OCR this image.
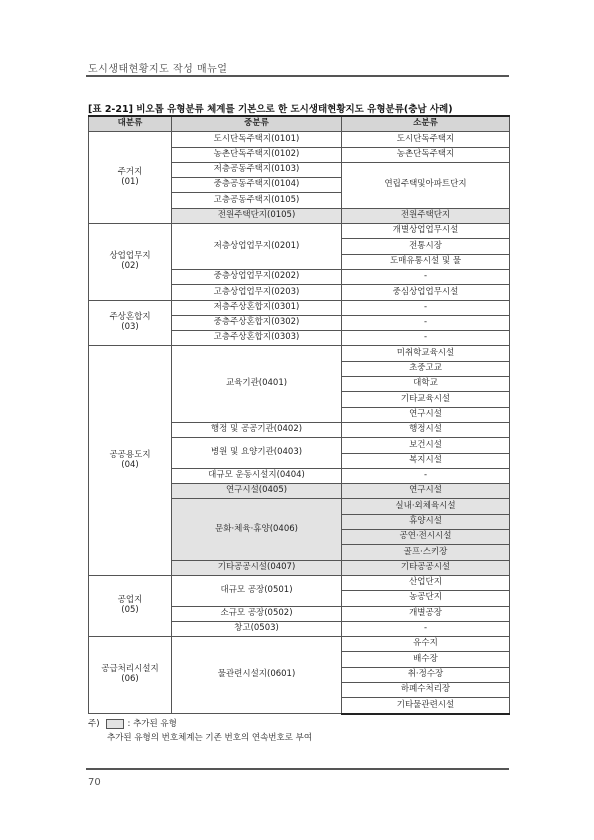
도시생태현황지도 작성 매뉴얼
[표 2-21] 비오톱 유형분류 체계를 기본으로 한 도시생태현황지도 유형분류(충남 사례)
대분류	중분류	소분류
주거지
(01)	도시단독주택지(0101)	도시단독주택지
	농촌단독주택지(0102)	농촌단독주택지
	저층공동주택지(0103)	연립주택및아파트단지
	중층공동주택지(0104)	
	고층공동주택지(0105)	
	전원주택단지(0105)	전원주택단지
상업업무지
(02)	저층상업업무지(0201)	개별상업업무시설
		전통시장
		도매유통시설 및 물
	중층상업업무지(0202)	-
	고층상업업무지(0203)	중심상업업무시설
주상혼합지
(03)	저층주상혼합지(0301)	-
	중층주상혼합지(0302)	-
	고층주상혼합지(0303)	-
공공용도지
(04)	교육기관(0401)	미취학교육시설
		초중고교
		대학교
		기타교육시설
		연구시설
	행정 및 공공기관(0402)	행정시설
	병원 및 요양기관(0403)	보건시설
		복지시설
	대규모 운동시설지(0404)	-
	연구시설(0405)	연구시설
	문화·체육·휴양(0406)	실내·외체육시설
		휴양시설
		공연·전시시설
		골프·스키장
	기타공공시설(0407)	기타공공시설
공업지
(05)	대규모 공장(0501)	산업단지
		농공단지
	소규모 공장(0502)	개별공장
	창고(0503)	-
공급처리시설지
(06)	물관련시설지(0601)	유수지
		배수장
		취·정수장
		하폐수처리장
		기타물관련시설
주)	: 추가된 유형
추가된 유형의 번호체계는 기존 번호의 연속번호로 부여
70
